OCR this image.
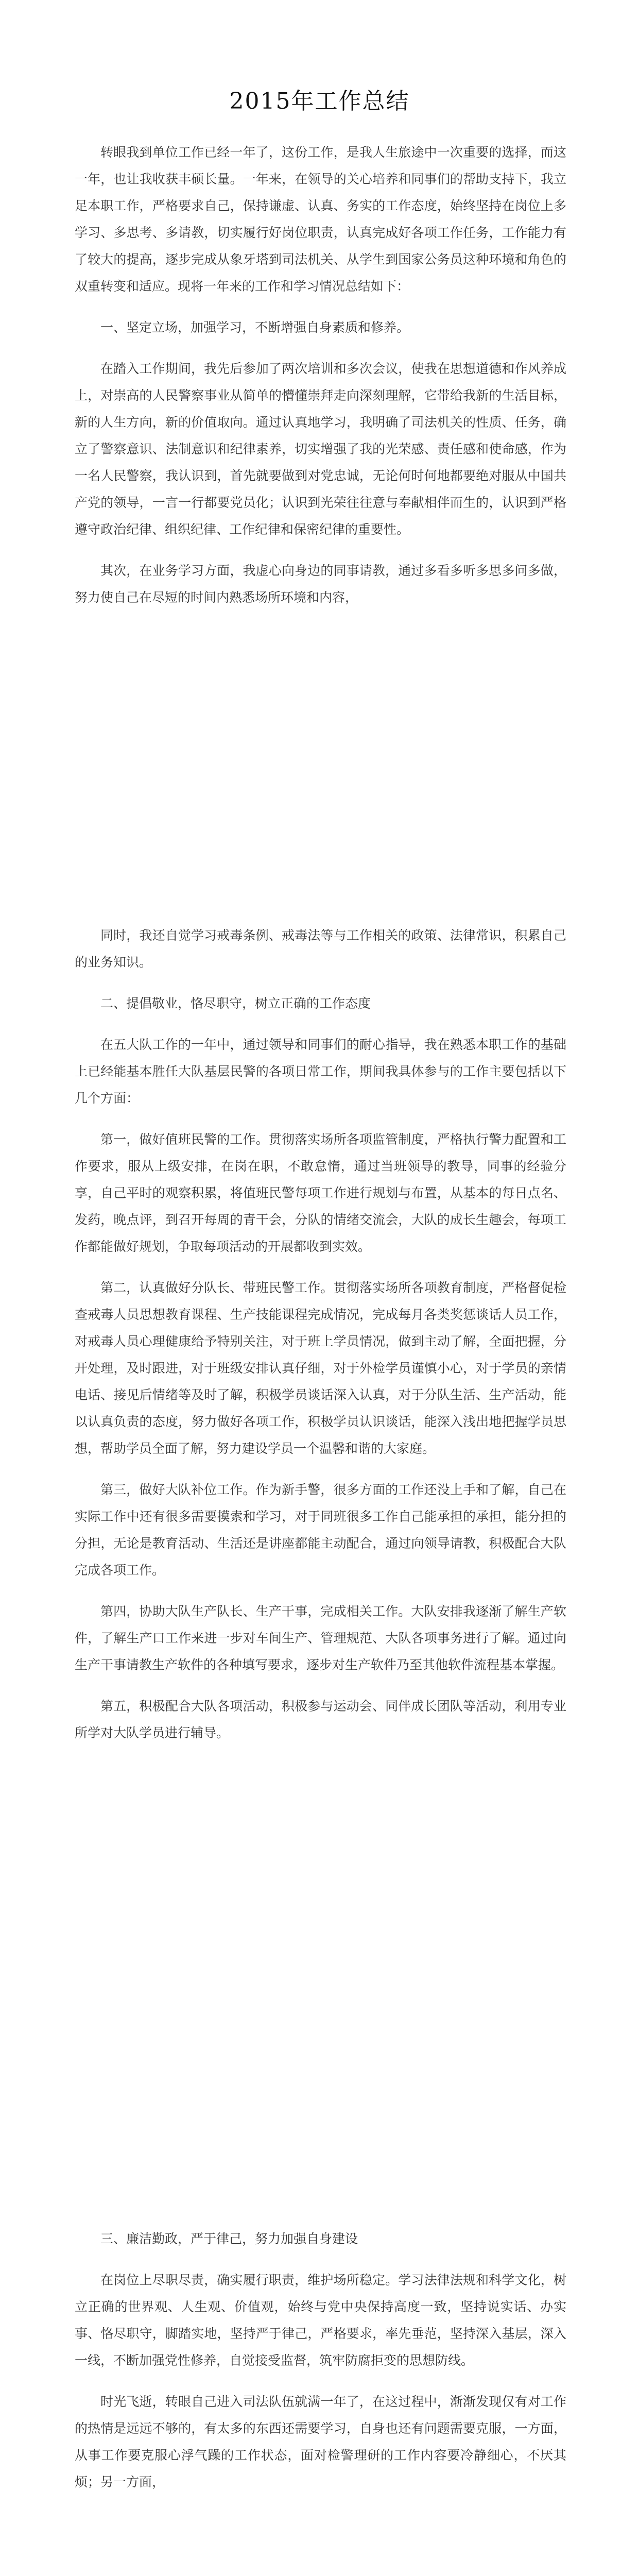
2015年工作总结

转眼我到单位工作已经一年了，这份工作，是我人生旅途中一次重要的选择，而这一年，也让我收获丰硕长量。一年来，在领导的关心培养和同事们的帮助支持下，我立足本职工作，严格要求自己，保持谦虚、认真、务实的工作态度，始终坚持在岗位上多学习、多思考、多请教，切实履行好岗位职责，认真完成好各项工作任务，工作能力有了较大的提高，逐步完成从象牙塔到司法机关、从学生到国家公务员这种环境和角色的双重转变和适应。现将一年来的工作和学习情况总结如下：

一、坚定立场，加强学习，不断增强自身素质和修养。

在踏入工作期间，我先后参加了两次培训和多次会议，使我在思想道德和作风养成上，对崇高的人民警察事业从简单的懵懂崇拜走向深刻理解，它带给我新的生活目标，新的人生方向，新的价值取向。通过认真地学习，我明确了司法机关的性质、任务，确立了警察意识、法制意识和纪律素养，切实增强了我的光荣感、责任感和使命感，作为一名人民警察，我认识到，首先就要做到对党忠诚，无论何时何地都要绝对服从中国共产党的领导，一言一行都要党员化；认识到光荣往往意与奉献相伴而生的，认识到严格遵守政治纪律、组织纪律、工作纪律和保密纪律的重要性。

其次，在业务学习方面，我虚心向身边的同事请教，通过多看多听多思多问多做，努力使自己在尽短的时间内熟悉场所环境和内容，

同时，我还自觉学习戒毒条例、戒毒法等与工作相关的政策、法律常识，积累自己的业务知识。

二、提倡敬业，恪尽职守，树立正确的工作态度

在五大队工作的一年中，通过领导和同事们的耐心指导，我在熟悉本职工作的基础上已经能基本胜任大队基层民警的各项日常工作，期间我具体参与的工作主要包括以下几个方面：

第一，做好值班民警的工作。贯彻落实场所各项监管制度，严格执行警力配置和工作要求，服从上级安排，在岗在职，不敢怠惰，通过当班领导的教导，同事的经验分享，自己平时的观察积累，将值班民警每项工作进行规划与布置，从基本的每日点名、发药，晚点评，到召开每周的青干会，分队的情绪交流会，大队的成长生趣会，每项工作都能做好规划，争取每项活动的开展都收到实效。

第二，认真做好分队长、带班民警工作。贯彻落实场所各项教育制度，严格督促检查戒毒人员思想教育课程、生产技能课程完成情况，完成每月各类奖惩谈话人员工作，对戒毒人员心理健康给予特别关注，对于班上学员情况，做到主动了解，全面把握，分开处理，及时跟进，对于班级安排认真仔细，对于外检学员谨慎小心，对于学员的亲情电话、接见后情绪等及时了解，积极学员谈话深入认真，对于分队生活、生产活动，能以认真负责的态度，努力做好各项工作，积极学员认识谈话，能深入浅出地把握学员思想，帮助学员全面了解，努力建设学员一个温馨和谐的大家庭。

第三，做好大队补位工作。作为新手警，很多方面的工作还没上手和了解，自己在实际工作中还有很多需要摸索和学习，对于同班很多工作自己能承担的承担，能分担的分担，无论是教育活动、生活还是讲座都能主动配合，通过向领导请教，积极配合大队完成各项工作。

第四，协助大队生产队长、生产干事，完成相关工作。大队安排我逐渐了解生产软件，了解生产口工作来进一步对车间生产、管理规范、大队各项事务进行了解。通过向生产干事请教生产软件的各种填写要求，逐步对生产软件乃至其他软件流程基本掌握。

第五，积极配合大队各项活动，积极参与运动会、同伴成长团队等活动，利用专业所学对大队学员进行辅导。

三、廉洁勤政，严于律己，努力加强自身建设

在岗位上尽职尽责，确实履行职责，维护场所稳定。学习法律法规和科学文化，树立正确的世界观、人生观、价值观，始终与党中央保持高度一致，坚持说实话、办实事、恪尽职守，脚踏实地，坚持严于律己，严格要求，率先垂范，坚持深入基层，深入一线，不断加强党性修养，自觉接受监督，筑牢防腐拒变的思想防线。

时光飞逝，转眼自己进入司法队伍就满一年了，在这过程中，渐渐发现仅有对工作的热情是远远不够的，有太多的东西还需要学习，自身也还有问题需要克服，一方面，从事工作要克服心浮气躁的工作状态，面对检警理研的工作内容要冷静细心，不厌其烦；另一方面，
